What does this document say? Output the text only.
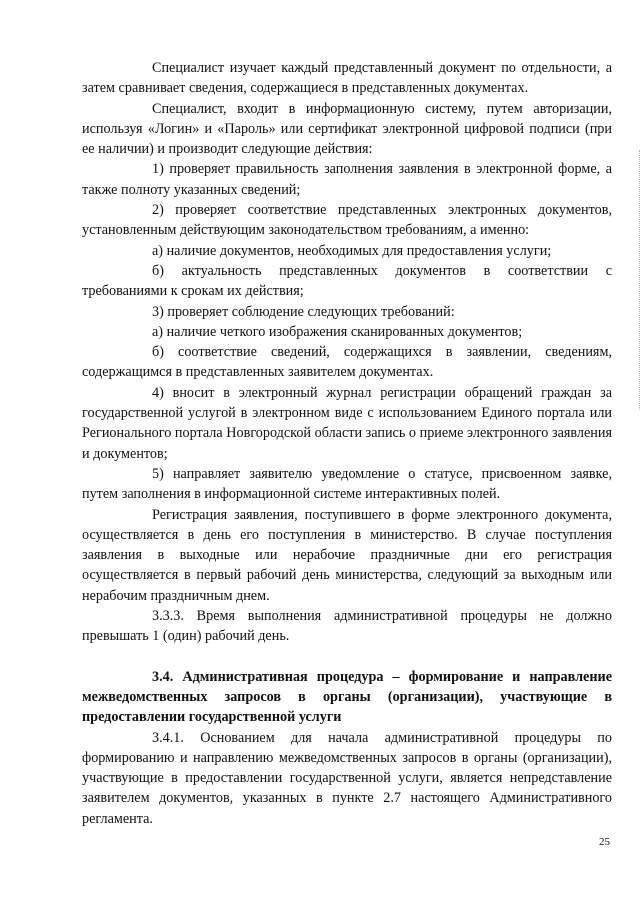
Специалист изучает каждый представленный документ по отдельности, а затем сравнивает сведения, содержащиеся в представленных документах.

Специалист, входит в информационную систему, путем авторизации, используя «Логин» и «Пароль» или сертификат электронной цифровой подписи (при ее наличии) и производит следующие действия:

1) проверяет правильность заполнения заявления в электронной форме, а также полноту указанных сведений;

2) проверяет соответствие представленных электронных документов, установленным действующим законодательством требованиям, а именно:

а) наличие документов, необходимых для предоставления услуги;

б) актуальность представленных документов в соответствии с требованиями к срокам их действия;

3) проверяет соблюдение следующих требований:

а) наличие четкого изображения сканированных документов;

б) соответствие сведений, содержащихся в заявлении, сведениям, содержащимся в представленных заявителем документах.

4) вносит в электронный журнал регистрации обращений граждан за государственной услугой в электронном виде с использованием Единого портала или Регионального портала Новгородской области запись о приеме электронного заявления и документов;

5) направляет заявителю уведомление о статусе, присвоенном заявке, путем заполнения в информационной системе интерактивных полей.

Регистрация заявления, поступившего в форме электронного документа, осуществляется в день его поступления в министерство. В случае поступления заявления в выходные или нерабочие праздничные дни его регистрация осуществляется в первый рабочий день министерства, следующий за выходным или нерабочим праздничным днем.

3.3.3. Время выполнения административной процедуры не должно превышать 1 (один) рабочий день.

3.4. Административная процедура – формирование и направление межведомственных запросов в органы (организации), участвующие в предоставлении государственной услуги

3.4.1. Основанием для начала административной процедуры по формированию и направлению межведомственных запросов в органы (организации), участвующие в предоставлении государственной услуги, является непредставление заявителем документов, указанных в пункте 2.7 настоящего Административного регламента.

25
